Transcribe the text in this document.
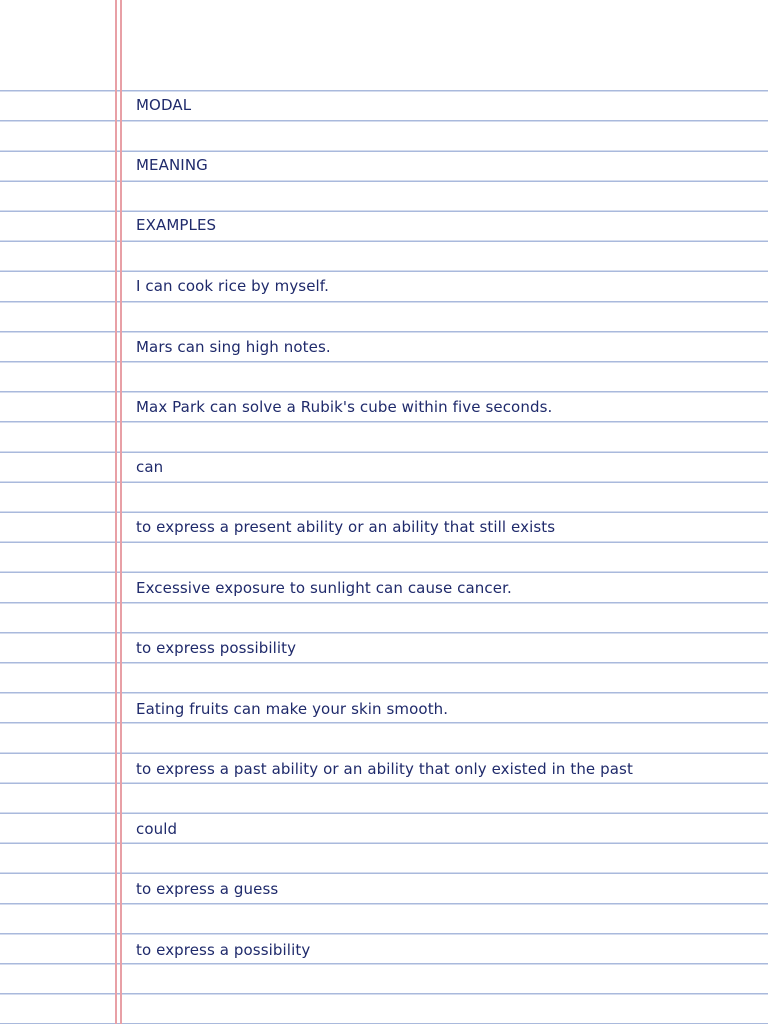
MODAL
MEANING
EXAMPLES
I can cook rice by myself.
Mars can sing high notes.
Max Park can solve a Rubik's cube within five seconds.
can
to express a present ability or an ability that still exists
Excessive exposure to sunlight can cause cancer.
to express possibility
Eating fruits can make your skin smooth.
to express a past ability or an ability that only existed in the past
could
to express a guess
to express a possibility
